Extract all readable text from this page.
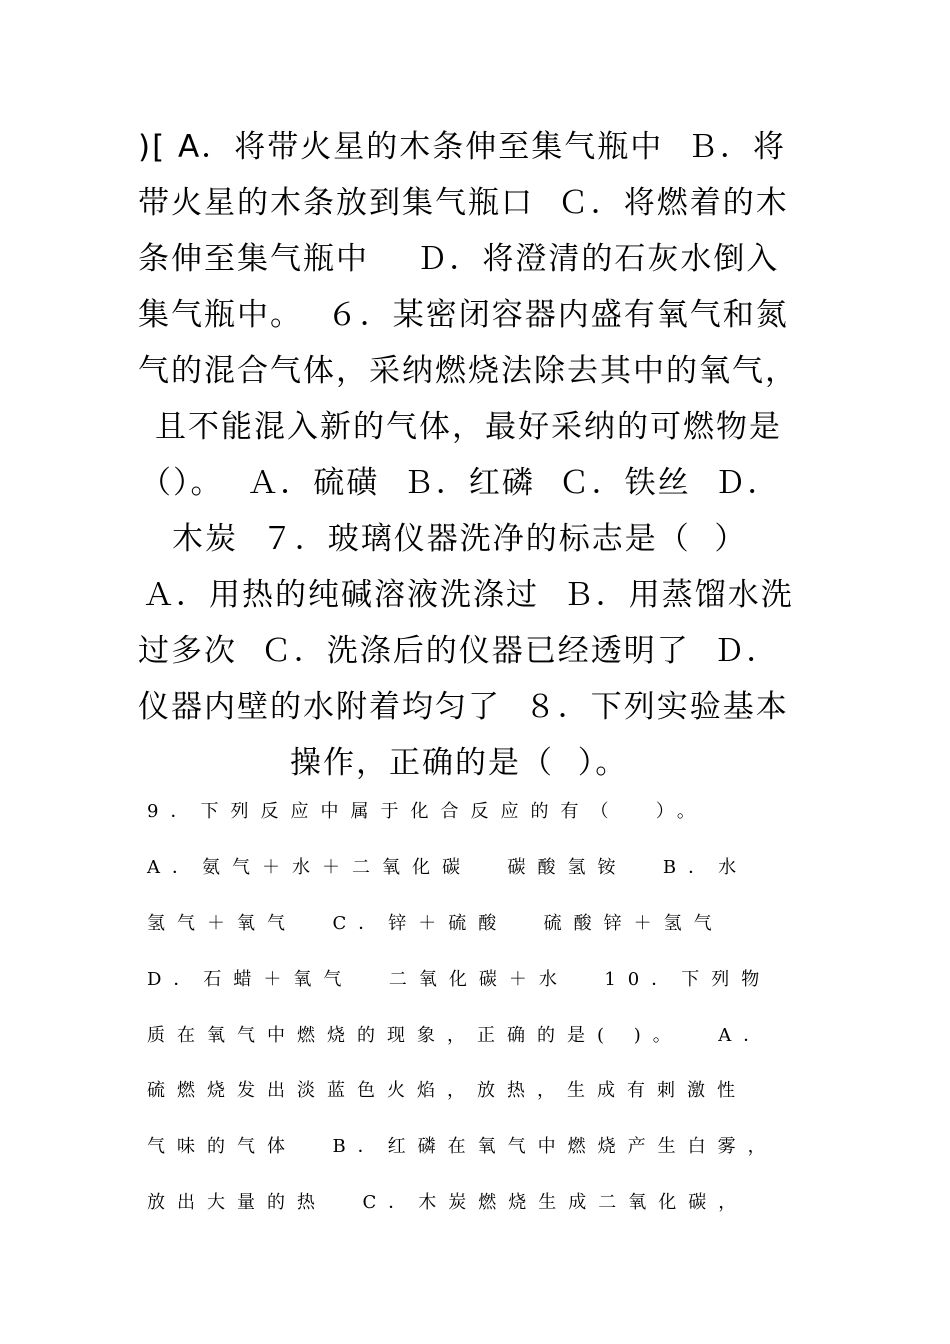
)[ A．将带火星的木条伸至集气瓶中  Ｂ．将
带火星的木条放到集气瓶口  Ｃ．将燃着的木
条伸至集气瓶中    Ｄ．将澄清的石灰水倒入
集气瓶中。  ６．某密闭容器内盛有氧气和氮
气的混合气体，采纳燃烧法除去其中的氧气，
且不能混入新的气体，最好采纳的可燃物是
（）。  Ａ．硫磺  Ｂ．红磷  Ｃ．铁丝  Ｄ．
木炭  ７．玻璃仪器洗净的标志是（  ）
Ａ．用热的纯碱溶液洗涤过  Ｂ．用蒸馏水洗
过多次  Ｃ．洗涤后的仪器已经透明了  Ｄ．
仪器内壁的水附着均匀了  ８．下列实验基本
操作，正确的是（  ）。
9．下列反应中属于化合反应的有（  ）。
A．氨气＋水＋二氧化碳  碳酸氢铵  B．水
氢气＋氧气  C．锌＋硫酸  硫酸锌＋氢气
D．石蜡＋氧气  二氧化碳＋水  10．下列物
质在氧气中燃烧的现象，正确的是( )。  A．
硫燃烧发出淡蓝色火焰，放热，生成有刺激性
气味的气体  B．红磷在氧气中燃烧产生白雾，
放出大量的热  C．木炭燃烧生成二氧化碳，
